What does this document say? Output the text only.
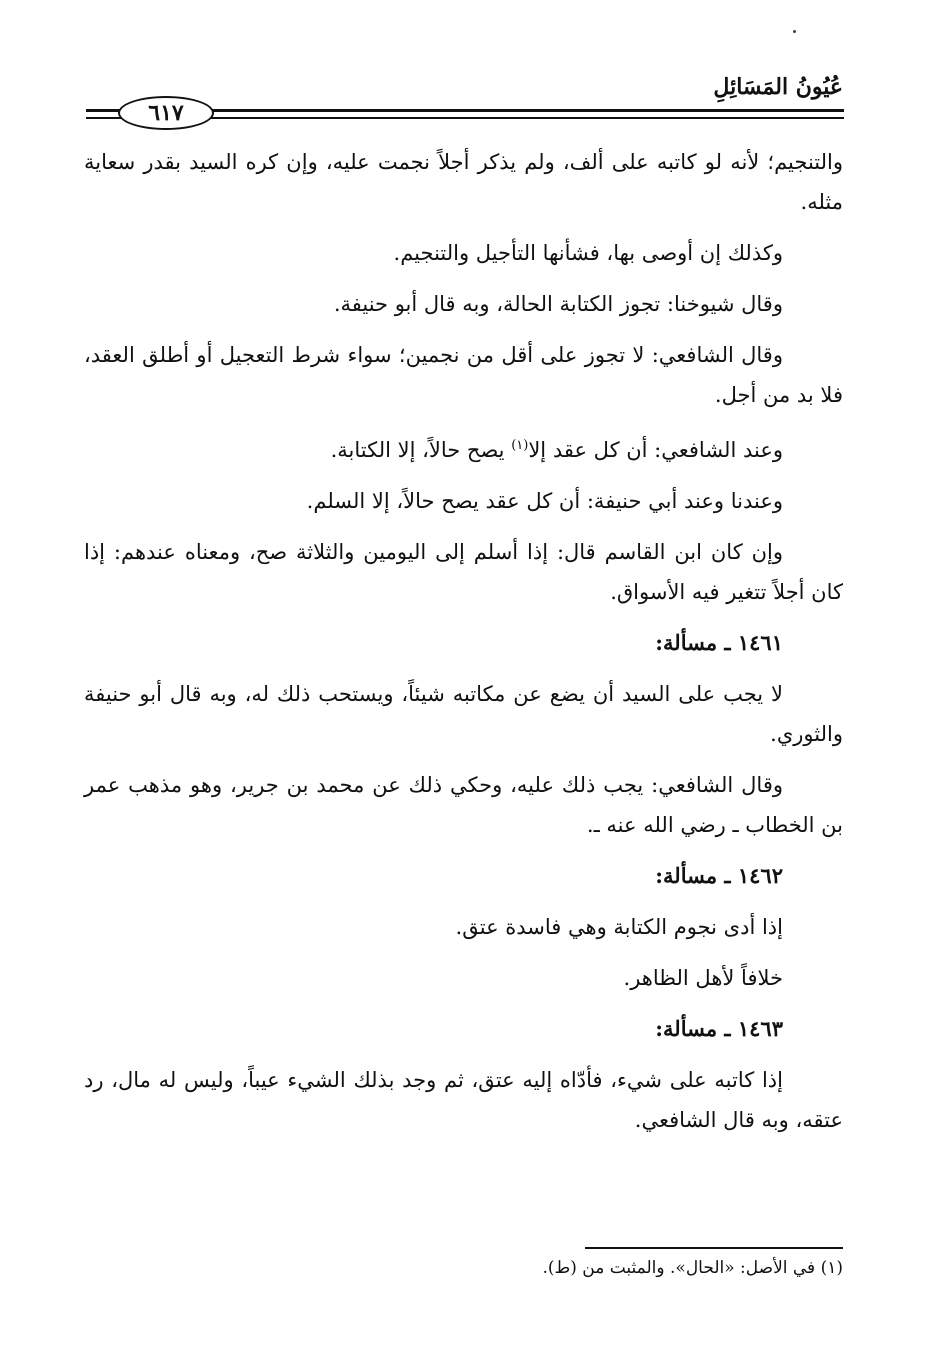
عُيُونُ المَسَائِلِ
٦١٧

والتنجيم؛ لأنه لو كاتبه على ألف، ولم يذكر أجلاً نجمت عليه، وإن كره السيد بقدر سعاية مثله.

وكذلك إن أوصى بها، فشأنها التأجيل والتنجيم.

وقال شيوخنا: تجوز الكتابة الحالة، وبه قال أبو حنيفة.

وقال الشافعي: لا تجوز على أقل من نجمين؛ سواء شرط التعجيل أو أطلق العقد، فلا بد من أجل.

وعند الشافعي: أن كل عقد إلا$^{(١)}$ يصح حالاً، إلا الكتابة.

وعندنا وعند أبي حنيفة: أن كل عقد يصح حالاً، إلا السلم.

وإن كان ابن القاسم قال: إذا أسلم إلى اليومين والثلاثة صح، ومعناه عندهم: إذا كان أجلاً تتغير فيه الأسواق.

١٤٦١ ـ مسألة:

لا يجب على السيد أن يضع عن مكاتبه شيئاً، ويستحب ذلك له، وبه قال أبو حنيفة والثوري.

وقال الشافعي: يجب ذلك عليه، وحكي ذلك عن محمد بن جرير، وهو مذهب عمر بن الخطاب ـ رضي الله عنه ـ.

١٤٦٢ ـ مسألة:

إذا أدى نجوم الكتابة وهي فاسدة عتق.

خلافاً لأهل الظاهر.

١٤٦٣ ـ مسألة:

إذا كاتبه على شيء، فأدّاه إليه عتق، ثم وجد بذلك الشيء عيباً، وليس له مال، رد عتقه، وبه قال الشافعي.

(١) في الأصل: «الحال». والمثبت من (ط).
